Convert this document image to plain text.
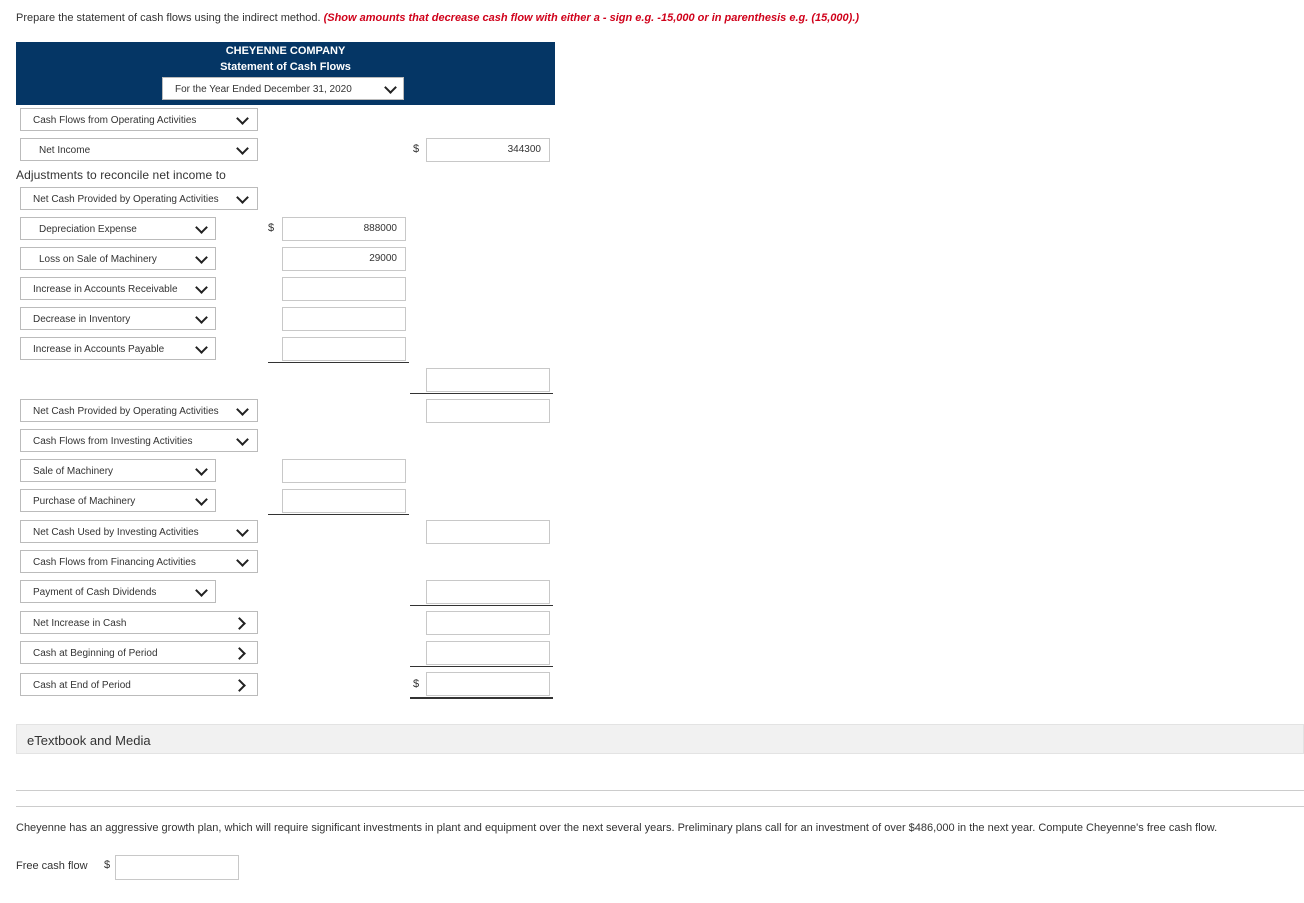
Prepare the statement of cash flows using the indirect method. (Show amounts that decrease cash flow with either a - sign e.g. -15,000 or in parenthesis e.g. (15,000).)
CHEYENNE COMPANY
Statement of Cash Flows
For the Year Ended December 31, 2020
Cash Flows from Operating Activities
Net Income	$	344300
Adjustments to reconcile net income to
Net Cash Provided by Operating Activities
Depreciation Expense	$	888000
Loss on Sale of Machinery	29000
Increase in Accounts Receivable
Decrease in Inventory
Increase in Accounts Payable
Net Cash Provided by Operating Activities
Cash Flows from Investing Activities
Sale of Machinery
Purchase of Machinery
Net Cash Used by Investing Activities
Cash Flows from Financing Activities
Payment of Cash Dividends
Net Increase in Cash
Cash at Beginning of Period
Cash at End of Period	$
eTextbook and Media
Cheyenne has an aggressive growth plan, which will require significant investments in plant and equipment over the next several years. Preliminary plans call for an investment of over $486,000 in the next year. Compute Cheyenne's free cash flow.
Free cash flow $
